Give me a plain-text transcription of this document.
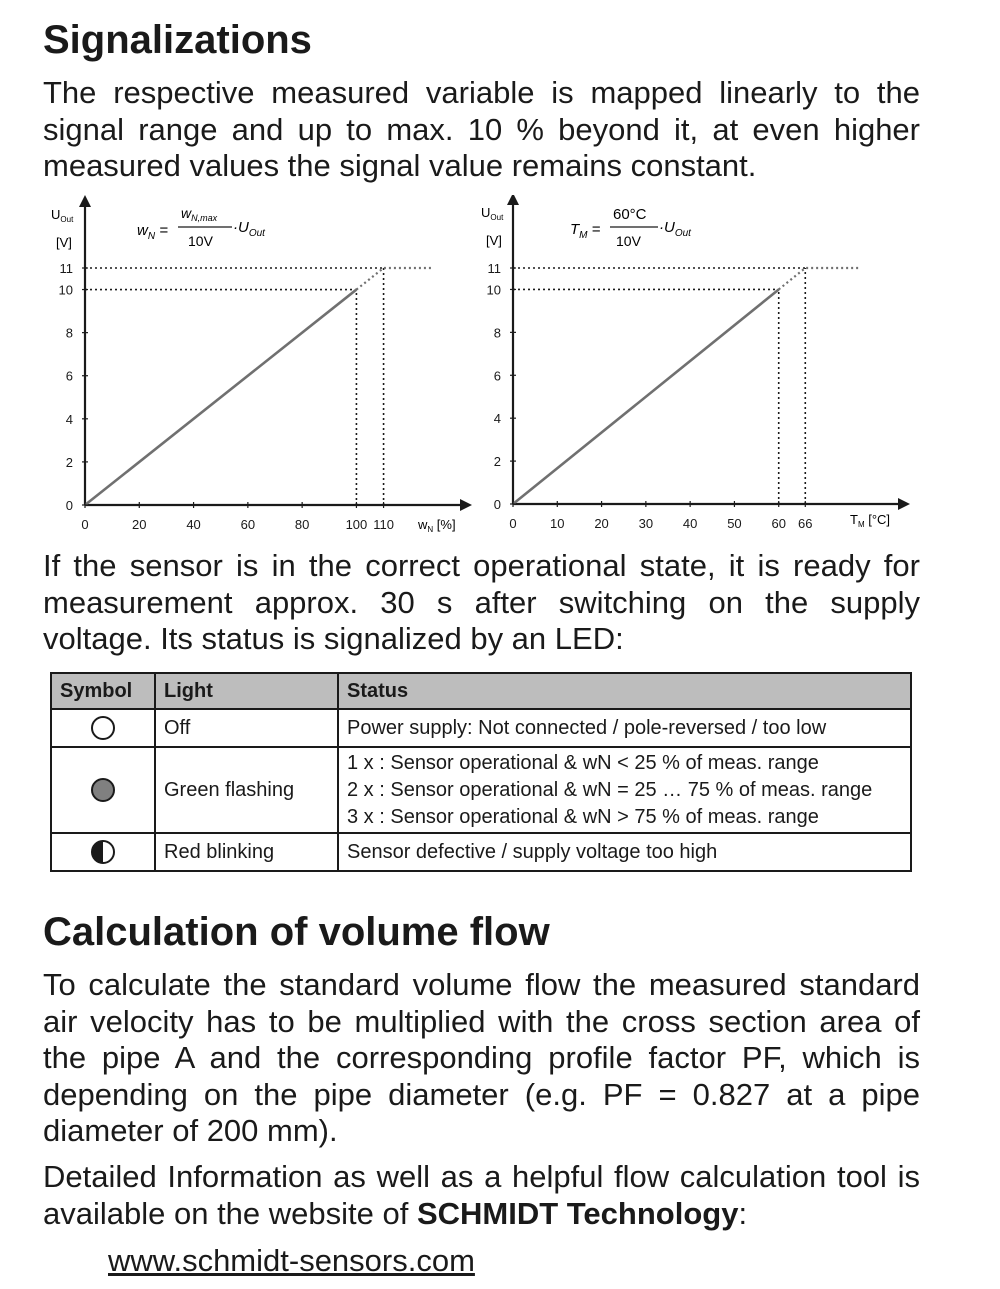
Signalizations
The respective measured variable is mapped linearly to the
signal range and up to max. 10 % beyond it, at even higher
measured values the signal value remains constant.
$U_{Out}$
[V]
$w_N$ =
$w_{N,max}$
10V
$\cdot U_{Out}$
$w_N$ [%]
0	20	40	60	80	100 110
0
2
4
6
8
10
11
$U_{Out}$
[V]
$T_M$ =
60°C
10V
$\cdot U_{Out}$
$T_M$ [°C]
0	10 20 30 40 50 60 66
0
2
4
6
8
10
11
If the sensor is in the correct operational state, it is ready for
measurement approx. 30 s after switching on the supply
voltage. Its status is signalized by an LED:
Symbol	Light	Status
	Off	Power supply: Not connected / pole-reversed / too low

	Green flashing	1 x : Sensor operational & wN < 25 % of meas. range
2 x : Sensor operational & wN = 25 … 75 % of meas. range
3 x : Sensor operational & wN > 75 % of meas. range

	Red blinking	Sensor defective / supply voltage too high
Calculation of volume flow
To calculate the standard volume flow the measured standard
air velocity has to be multiplied with the cross section area of
the pipe A and the corresponding profile factor PF, which is
depending on the pipe diameter (e.g. PF = 0.827 at a pipe
diameter of 200 mm).
Detailed Information as well as a helpful flow calculation tool is
available on the website of SCHMIDT Technology:
www.schmidt-sensors.com
